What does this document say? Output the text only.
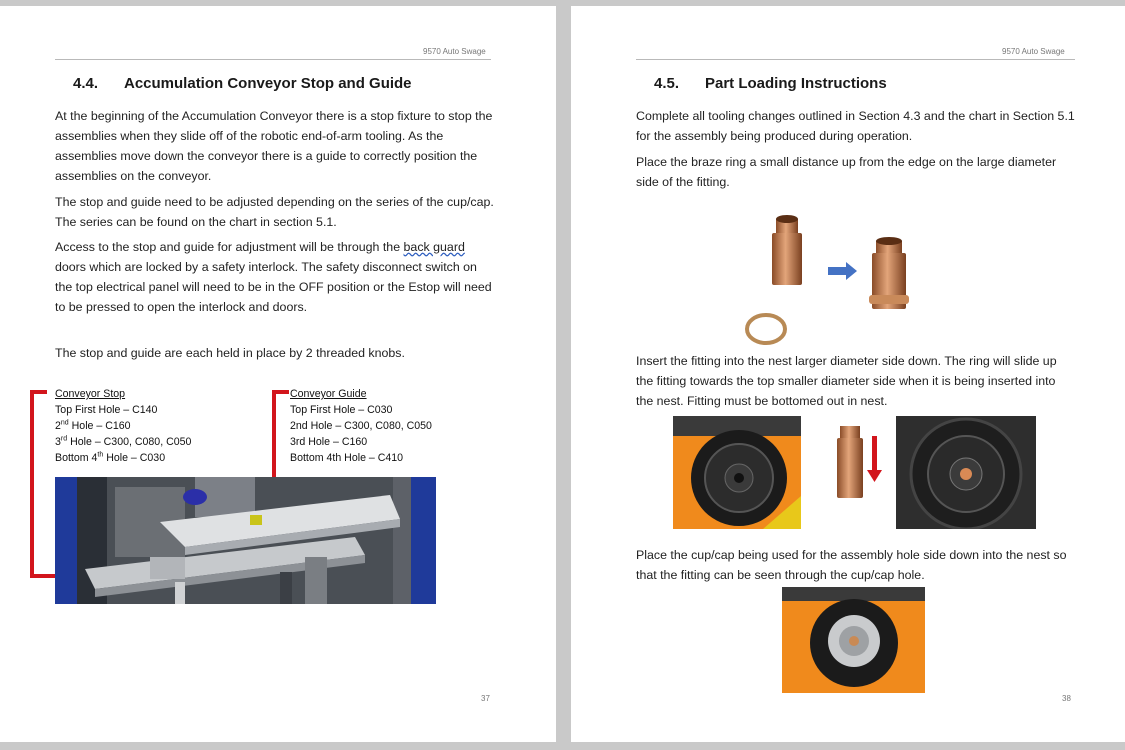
9570 Auto Swage
4.4. Accumulation Conveyor Stop and Guide
At the beginning of the Accumulation Conveyor there is a stop fixture to stop the assemblies when they slide off of the robotic end-of-arm tooling. As the assemblies move down the conveyor there is a guide to correctly position the assemblies on the conveyor.
The stop and guide need to be adjusted depending on the series of the cup/cap. The series can be found on the chart in section 5.1.
Access to the stop and guide for adjustment will be through the back guard doors which are locked by a safety interlock. The safety disconnect switch on the top electrical panel will need to be in the OFF position or the Estop will need to be pressed to open the interlock and doors.
The stop and guide are each held in place by 2 threaded knobs.
Conveyor Stop
Top First Hole – C140
2nd Hole – C160
3rd Hole – C300, C080, C050
Bottom 4th Hole – C030
Conveyor Guide
Top First Hole – C030
2nd Hole – C300, C080, C050
3rd Hole – C160
Bottom 4th Hole – C410
37
9570 Auto Swage
4.5. Part Loading Instructions
Complete all tooling changes outlined in Section 4.3 and the chart in Section 5.1 for the assembly being produced during operation.
Place the braze ring a small distance up from the edge on the large diameter side of the fitting.
Insert the fitting into the nest larger diameter side down. The ring will slide up the fitting towards the top smaller diameter side when it is being inserted into the nest. Fitting must be bottomed out in nest.
Place the cup/cap being used for the assembly hole side down into the nest so that the fitting can be seen through the cup/cap hole.
38
